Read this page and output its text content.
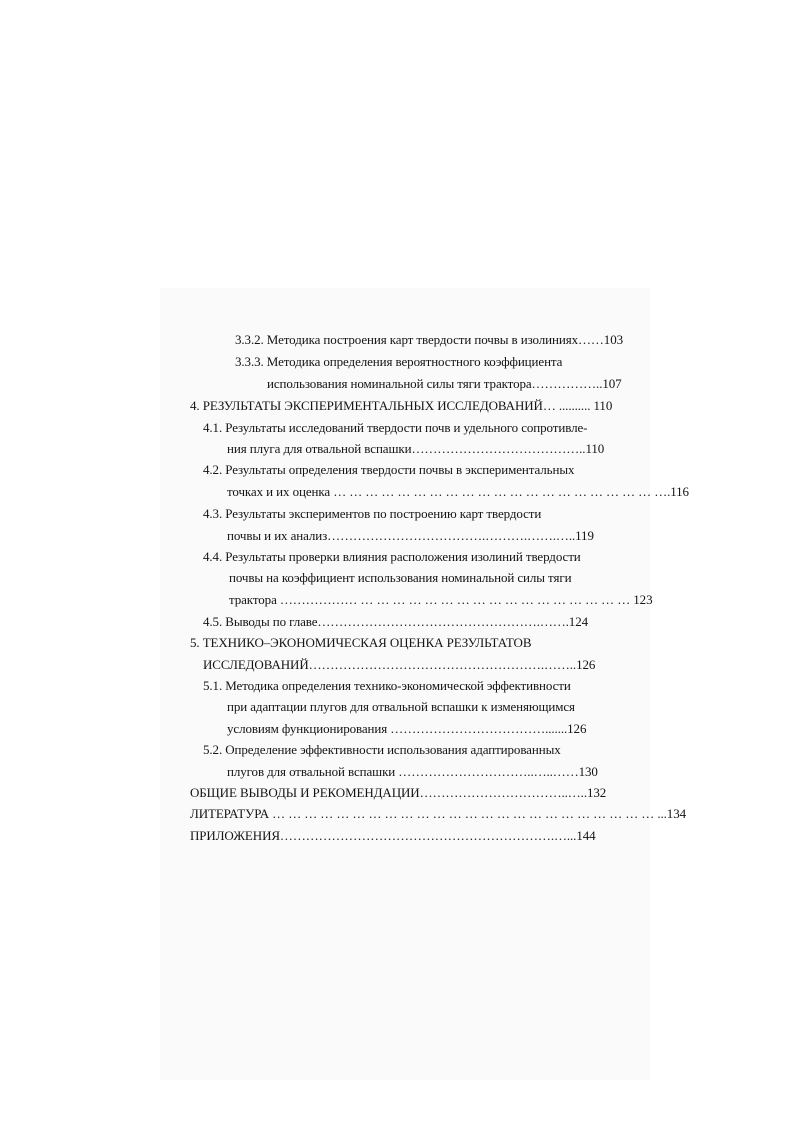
3.3.2. Методика построения карт твердости почвы в изолиниях……103
3.3.3. Методика определения вероятностного коэффициента
использования номинальной силы тяги трактора……………..107
4. РЕЗУЛЬТАТЫ ЭКСПЕРИМЕНТАЛЬНЫХ ИССЛЕДОВАНИЙ… .......... 110
4.1. Результаты исследований твердости почв и удельного сопротивле-
ния плуга для отвальной вспашки…………………………………..110
4.2. Результаты определения твердости почвы в экспериментальных
точках и их оценка … … … … … … … … … … … … … … … … … … … … ….116
4.3. Результаты экспериментов по построению карт твердости
почвы и их анализ……………………………….……….…….…..119
4.4. Результаты проверки влияния расположения изолиний твердости
почвы на коэффициент использования номинальной силы тяги
трактора ……………… … … … … … … … … … … … … … … … … … 123
4.5. Выводы по главе…………………………………………….…….124
5. ТЕХНИКО–ЭКОНОМИЧЕСКАЯ ОЦЕНКА РЕЗУЛЬТАТОВ
ИССЛЕДОВАНИЙ……………………………………………….……..126
5.1. Методика определения технико-экономической эффективности
при адаптации плугов для отвальной вспашки к изменяющимся
условиям функционирования ……………………………….......126
5.2. Определение эффективности использования адаптированных
плугов для отвальной вспашки …………………………..…..……130
ОБЩИЕ ВЫВОДЫ И РЕКОМЕНДАЦИИ……………………………..…..132
ЛИТЕРАТУРА … … … … … … … … … … … … … … … … … … … … … … … … ...134
ПРИЛОЖЕНИЯ……………………………………………………….…...144
